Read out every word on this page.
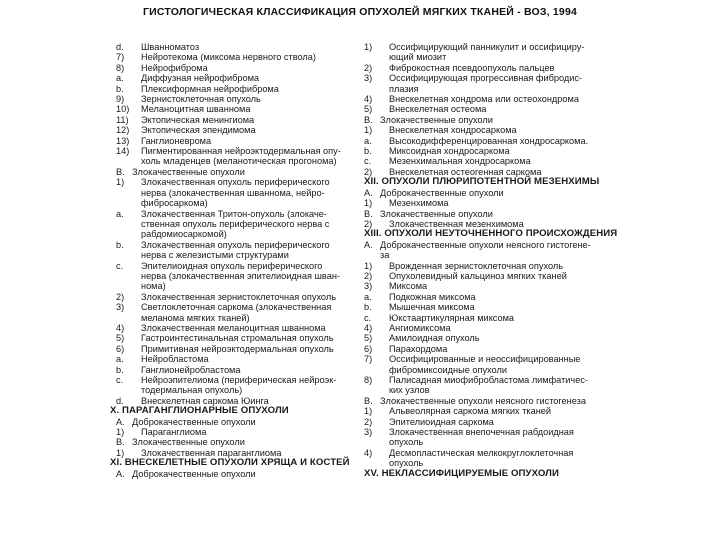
ГИСТОЛОГИЧЕСКАЯ КЛАССИФИКАЦИЯ ОПУХОЛЕЙ МЯГКИХ ТКАНЕЙ - ВОЗ, 1994
d. Шванноматоз
7) Нейротекома (миксома нервного ствола)
8) Нейрофиброма
a. Диффузная нейрофиброма
b. Плексиформная нейрофиброма
9) Зернистоклеточная опухоль
10) Меланоцитная шваннома
11) Эктопическая менингиома
12) Эктопическая эпендимома
13) Ганглионеврома
14) Пигментированная нейроэктодермальная опу-
холь младенцев (меланотическая прогонома)
B. Злокачественные опухоли
1) Злокачественная опухоль периферического
нерва (злокачественная шваннома, нейро-
фибросаркома)
a. Злокачественная Тритон-опухоль (злокаче-
ственная опухоль периферического нерва с
рабдомиосаркомой)
b. Злокачественная опухоль периферического
нерва с железистыми структурами
c. Эпителиоидная опухоль периферического
нерва (злокачественная эпителиоидная швaн-
нома)
2) Злокачественная зернистоклеточная опухоль
3) Светлоклеточная саркома (злокачественная
меланома мягких тканей)
4) Злокачественная меланоцитная шваннома
5) Гастроинтестинальная стромальная опухоль
6) Примитивная нейроэктодермальная опухоль
a. Нейробластома
b. Ганглионейробластома
c. Нейроэпителиома (периферическая нейроэк-
тодермальная опухоль)
d. Внескелетная саркома Юинга
X. ПАРАГАНГЛИОНАРНЫЕ ОПУХОЛИ
A. Доброкачественные опухоли
1) Параганглиома
B. Злокачественные опухоли
1) Злокачественная параганглиома
XI. ВНЕСКЕЛЕТНЫЕ ОПУХОЛИ ХРЯЩА И КОСТЕЙ
A. Доброкачественные опухоли
1) Оссифицирующий панникулит и оссифициру-
ющий миозит
2) Фиброкостная псевдоопухоль пальцев
3) Оссифицирующая прогрессивная фибродис-
плазия
4) Внескелетная хондрома или остеохондрома
5) Внескелетная остеома
B. Злокачественные опухоли
1) Внескелетная хондросаркома
a. Высокодифференцированная хондросаркома.
b. Миксоидная хондросаркома
c. Мезенхимальная хондросаркома
2) Внескелетная остеогенная саркома
XII. ОПУХОЛИ ПЛЮРИПОТЕНТНОЙ МЕЗЕНХИМЫ
A. Доброкачественные опухоли
1) Мезенхимома
B. Злокачественные опухоли
2) Злокачественная мезенхимома
XIII. ОПУХОЛИ НЕУТОЧНЕННОГО ПРОИСХОЖДЕНИЯ
A. Доброкачественные опухоли неясного гистогене-
за
1) Врожденная зернистоклеточная опухоль
2) Опухолевидный кальциноз мягких тканей
3) Миксома
a. Подкожная миксома
b. Мышечная миксома
c. Юкстаартикулярная миксома
4) Ангиомиксома
5) Амилоидная опухоль
6) Парахордома
7) Оссифицированные и неоссифицированные
фибромиксоидные опухоли
8) Палисадная миофибробластома лимфатичес-
ких узлов
B. Злокачественные опухоли неясного гистогенеза
1) Альвеолярная саркома мягких тканей
2) Эпителиоидная саркома
3) Злокачественная внепочечная рабдоидная
опухоль
4) Десмопластическая мелкокруглоклеточная
опухоль
XV. НЕКЛАССИФИЦИРУЕМЫЕ ОПУХОЛИ
